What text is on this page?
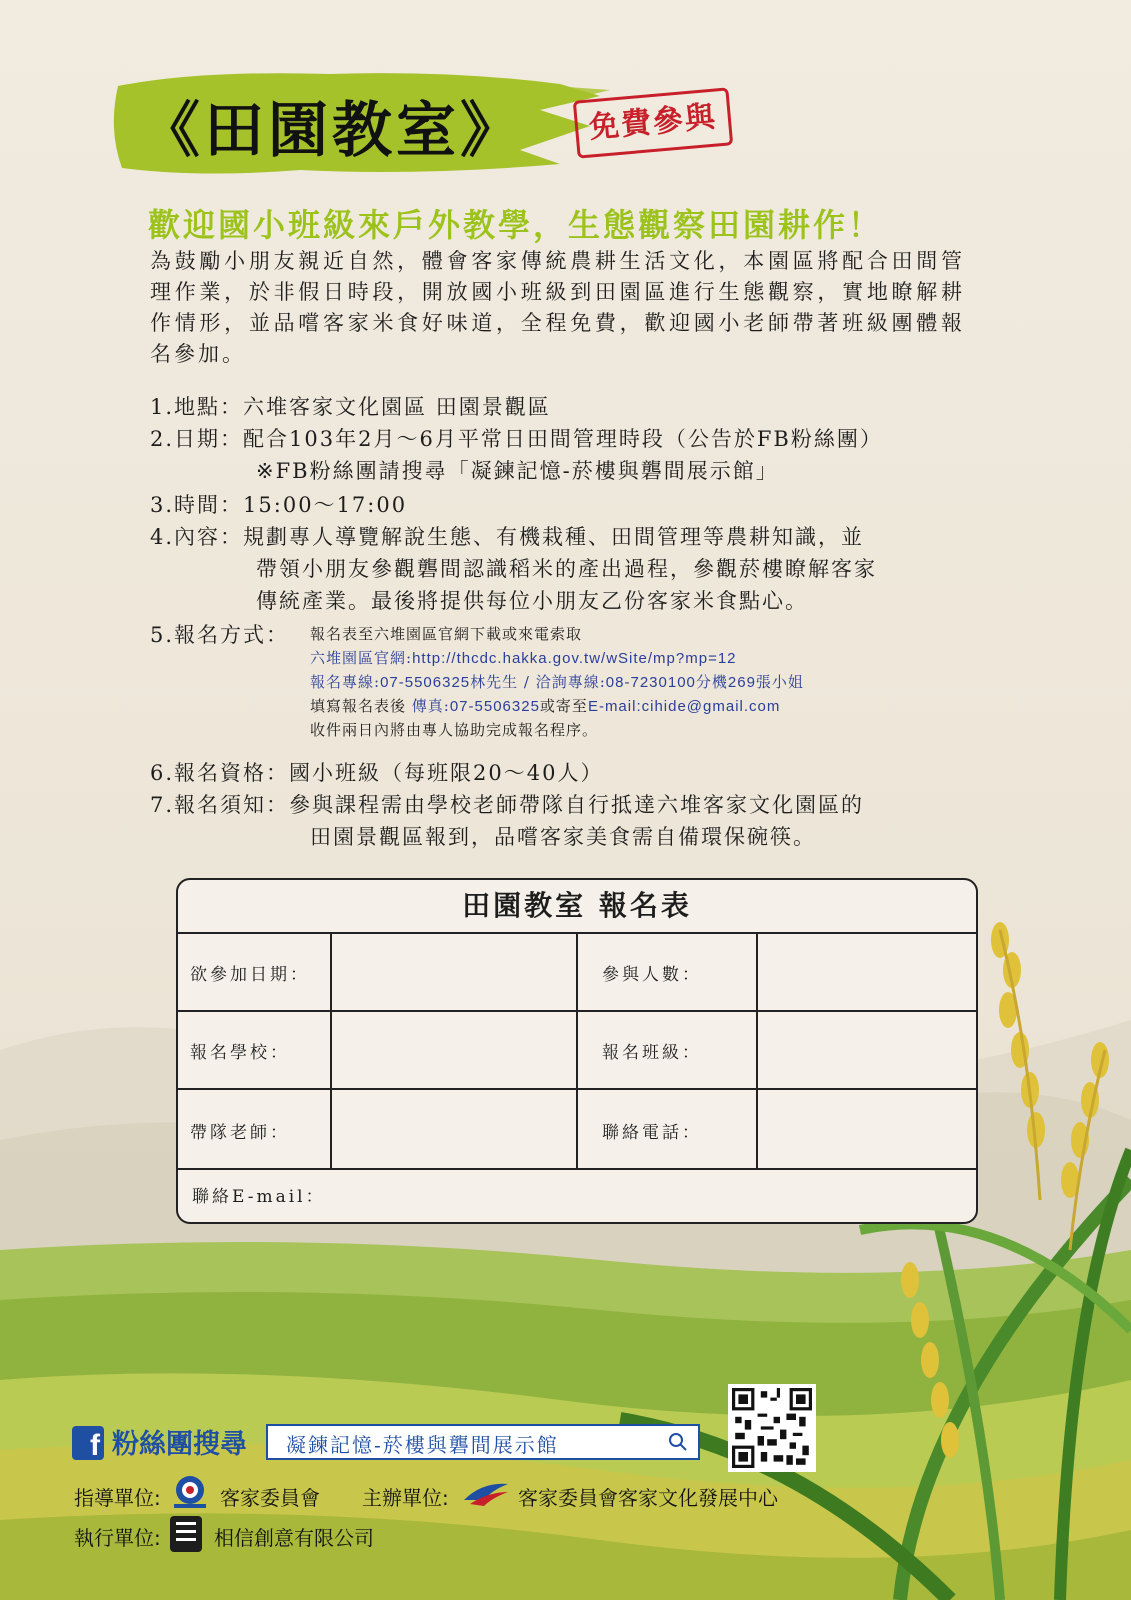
《田園教室》	免費參與
歡迎國小班級來戶外教學，生態觀察田園耕作！
為鼓勵小朋友親近自然，體會客家傳統農耕生活文化，本園區將配合田間管理作業，於非假日時段，開放國小班級到田園區進行生態觀察，實地瞭解耕作情形，並品嚐客家米食好味道，全程免費，歡迎國小老師帶著班級團體報名參加。
1.地點：六堆客家文化園區 田園景觀區
2.日期：配合103年2月～6月平常日田間管理時段（公告於FB粉絲團）
※FB粉絲團請搜尋「凝鍊記憶-菸樓與礱間展示館」
3.時間：15:00～17:00
4.內容：規劃專人導覽解說生態、有機栽種、田間管理等農耕知識，並
帶領小朋友參觀礱間認識稻米的產出過程，參觀菸樓瞭解客家
傳統產業。最後將提供每位小朋友乙份客家米食點心。
5.報名方式： 報名表至六堆園區官網下載或來電索取
六堆園區官網:http://thcdc.hakka.gov.tw/wSite/mp?mp=12
報名專線:07-5506325林先生 / 洽詢專線:08-7230100分機269張小姐
填寫報名表後 傳真:07-5506325或寄至E-mail:cihide@gmail.com
收件兩日內將由專人協助完成報名程序。
6.報名資格：國小班級（每班限20～40人）
7.報名須知：參與課程需由學校老師帶隊自行抵達六堆客家文化園區的
田園景觀區報到，品嚐客家美食需自備環保碗筷。
田園教室 報名表
欲參加日期：	參與人數：
報名學校：	報名班級：
帶隊老師：	聯絡電話：
聯絡E-mail：
f 粉絲團搜尋 凝鍊記憶-菸樓與礱間展示館
指導單位:	客家委員會 主辦單位:	客家委員會客家文化發展中心
執行單位:	相信創意有限公司
